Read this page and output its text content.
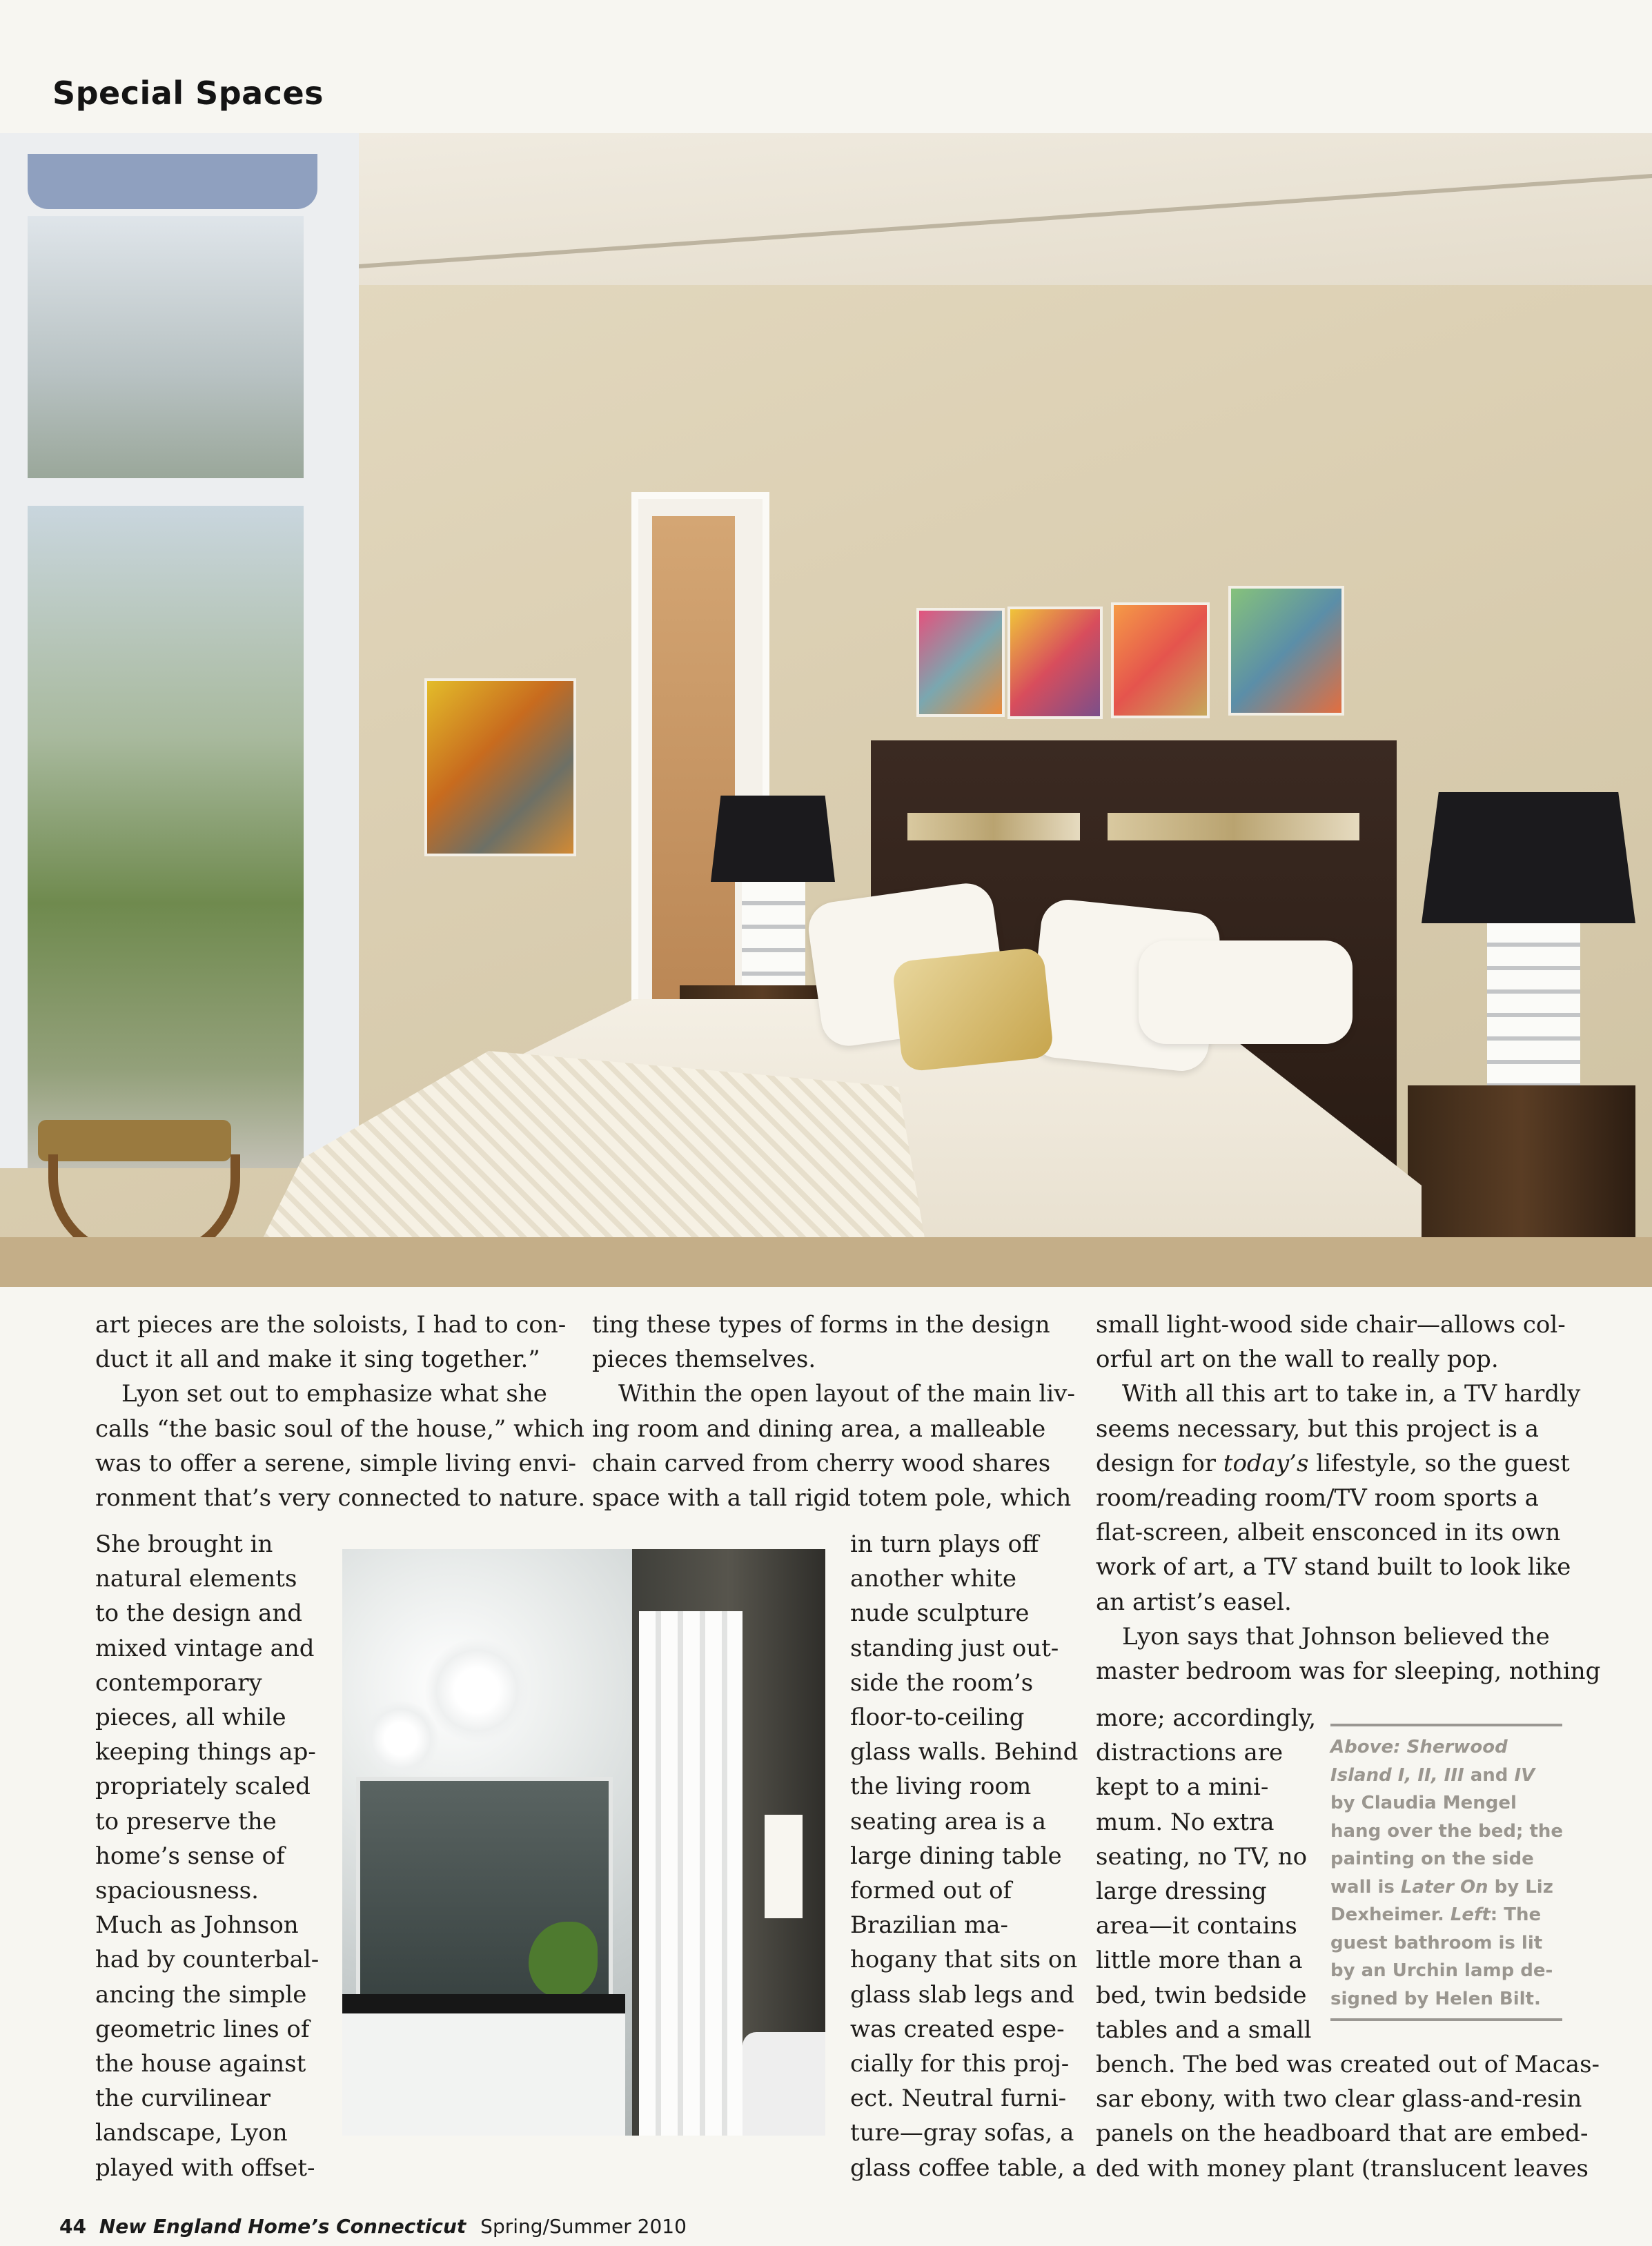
Special Spaces

art pieces are the soloists, I had to con-
duct it all and make it sing together.”
Lyon set out to emphasize what she
calls “the basic soul of the house,” which
was to offer a serene, simple living envi-
ronment that’s very connected to nature.

She brought in
natural elements
to the design and
mixed vintage and
contemporary
pieces, all while
keeping things ap-
propriately scaled
to preserve the
home’s sense of
spaciousness.
Much as Johnson
had by counterbal-
ancing the simple
geometric lines of
the house against
the curvilinear
landscape, Lyon
played with offset-

ting these types of forms in the design
pieces themselves.
Within the open layout of the main liv-
ing room and dining area, a malleable
chain carved from cherry wood shares
space with a tall rigid totem pole, which

in turn plays off
another white
nude sculpture
standing just out-
side the room’s
floor-to-ceiling
glass walls. Behind
the living room
seating area is a
large dining table
formed out of
Brazilian ma-
hogany that sits on
glass slab legs and
was created espe-
cially for this proj-
ect. Neutral furni-
ture—gray sofas, a
glass coffee table, a

small light-wood side chair—allows col-
orful art on the wall to really pop.
With all this art to take in, a TV hardly
seems necessary, but this project is a
design for today’s lifestyle, so the guest
room/reading room/TV room sports a
flat-screen, albeit ensconced in its own
work of art, a TV stand built to look like
an artist’s easel.
Lyon says that Johnson believed the
master bedroom was for sleeping, nothing

more; accordingly,
distractions are
kept to a mini-
mum. No extra
seating, no TV, no
large dressing
area—it contains
little more than a
bed, twin bedside
tables and a small

bench. The bed was created out of Macas-
sar ebony, with two clear glass-and-resin
panels on the headboard that are embed-
ded with money plant (translucent leaves

Above: Sherwood
Island I, II, III and IV
by Claudia Mengel
hang over the bed; the
painting on the side
wall is Later On by Liz
Dexheimer. Left: The
guest bathroom is lit
by an Urchin lamp de-
signed by Helen Bilt.

44 New England Home’s Connecticut Spring/Summer 2010
